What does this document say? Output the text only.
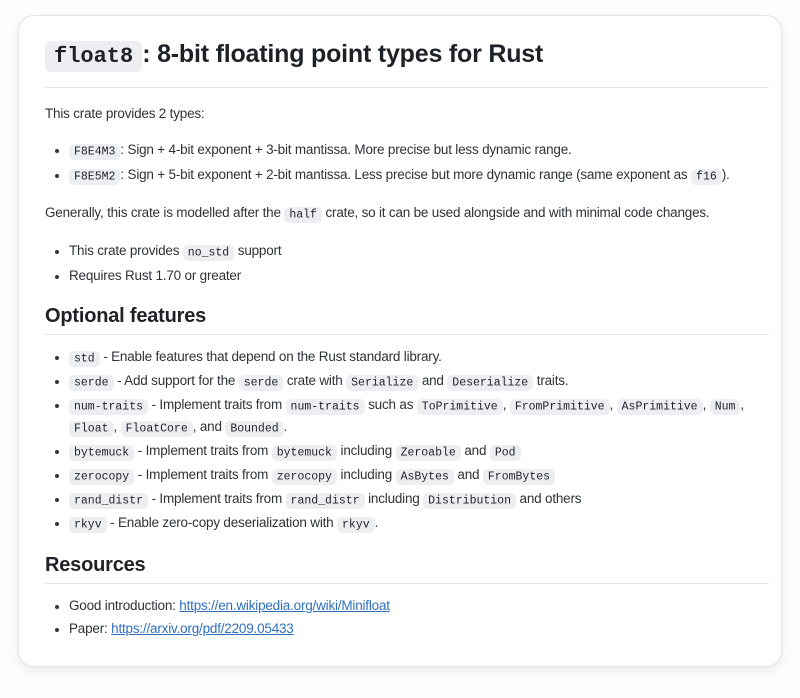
float8 : 8-bit floating point types for Rust

This crate provides 2 types:

• F8E4M3 : Sign + 4-bit exponent + 3-bit mantissa. More precise but less dynamic range.
• F8E5M2 : Sign + 5-bit exponent + 2-bit mantissa. Less precise but more dynamic range (same exponent as f16 ).

Generally, this crate is modelled after the half crate, so it can be used alongside and with minimal code changes.

• This crate provides no_std support
• Requires Rust 1.70 or greater
Optional features
• std - Enable features that depend on the Rust standard library.
• serde - Add support for the serde crate with Serialize and Deserialize traits.
• num-traits - Implement traits from num-traits such as ToPrimitive , FromPrimitive , AsPrimitive , Num , Float , FloatCore , and Bounded .
• bytemuck - Implement traits from bytemuck including Zeroable and Pod
• zerocopy - Implement traits from zerocopy including AsBytes and FromBytes
• rand_distr - Implement traits from rand_distr including Distribution and others
• rkyv - Enable zero-copy deserialization with rkyv .
Resources
• Good introduction: https://en.wikipedia.org/wiki/Minifloat
• Paper: https://arxiv.org/pdf/2209.05433
